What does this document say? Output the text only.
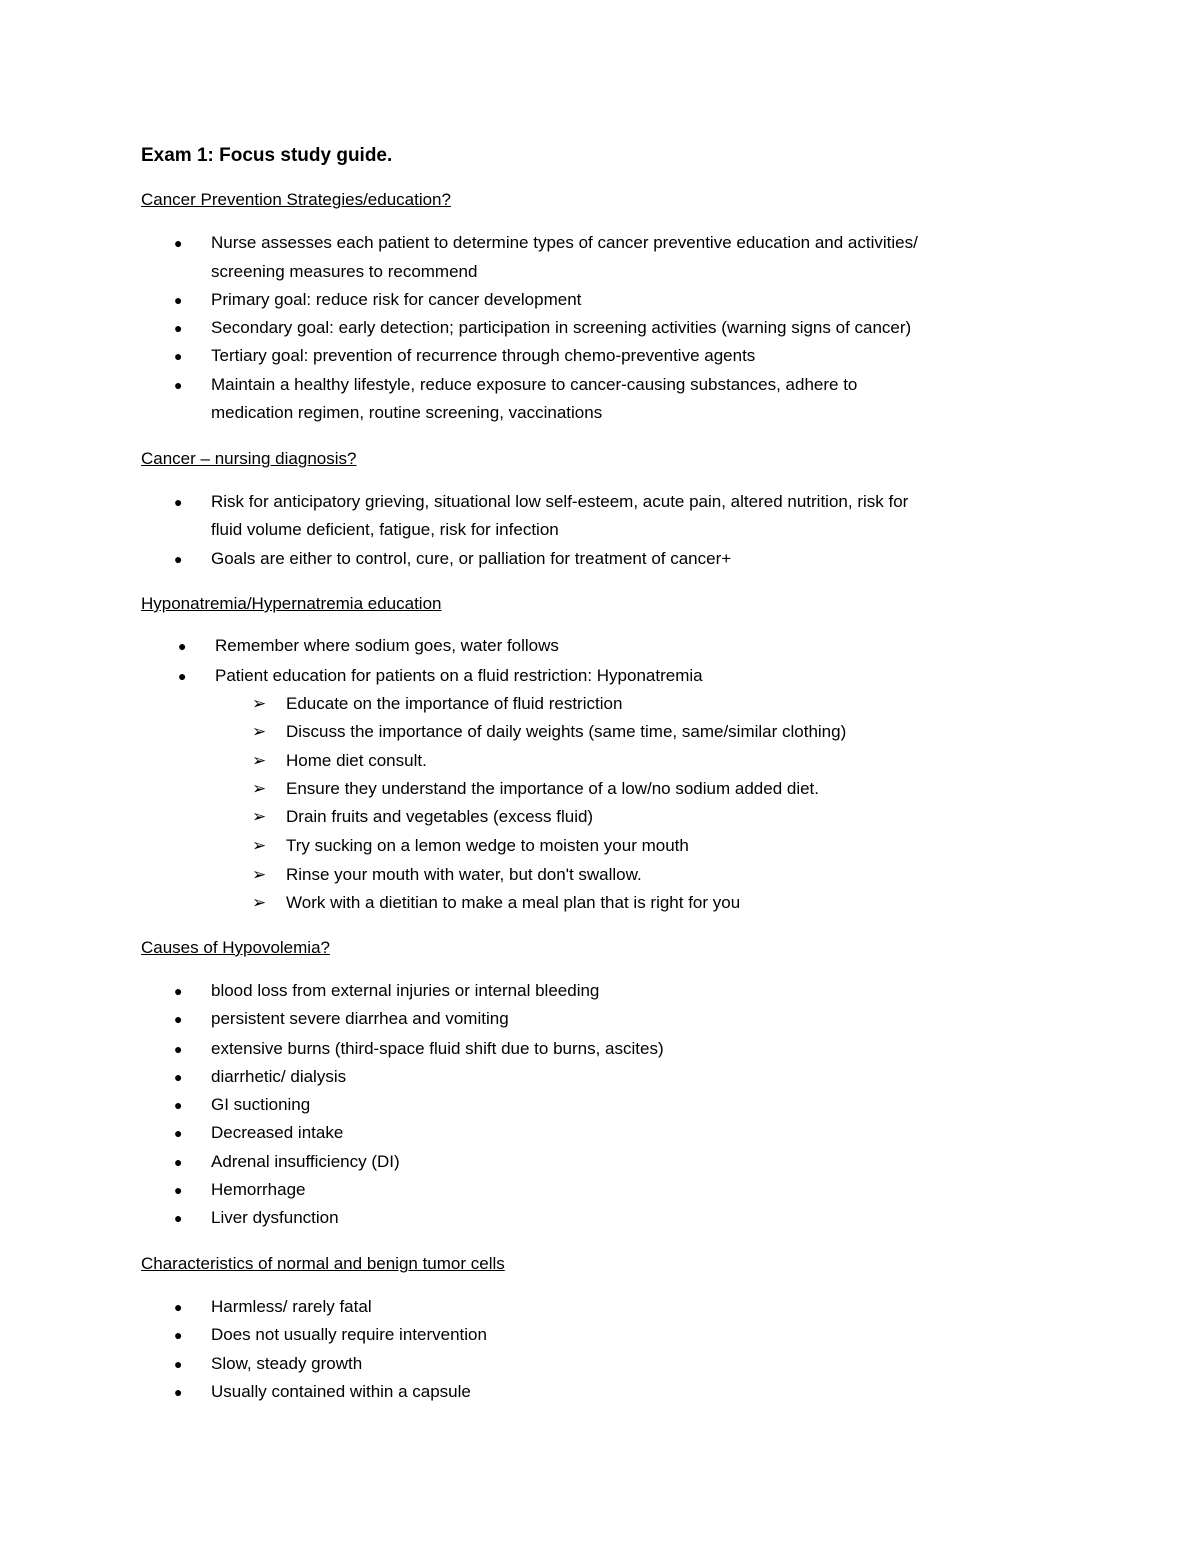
Exam 1: Focus study guide.
Cancer Prevention Strategies/education?
● Nurse assesses each patient to determine types of cancer preventive education and activities/
screening measures to recommend
● Primary goal: reduce risk for cancer development
● Secondary goal: early detection; participation in screening activities (warning signs of cancer)
● Tertiary goal: prevention of recurrence through chemo-preventive agents
● Maintain a healthy lifestyle, reduce exposure to cancer-causing substances, adhere to
medication regimen, routine screening, vaccinations
Cancer – nursing diagnosis?
● Risk for anticipatory grieving, situational low self-esteem, acute pain, altered nutrition, risk for
fluid volume deficient, fatigue, risk for infection
● Goals are either to control, cure, or palliation for treatment of cancer+
Hyponatremia/Hypernatremia education
● Remember where sodium goes, water follows
● Patient education for patients on a fluid restriction: Hyponatremia
➢ Educate on the importance of fluid restriction
➢ Discuss the importance of daily weights (same time, same/similar clothing)
➢ Home diet consult.
➢ Ensure they understand the importance of a low/no sodium added diet.
➢ Drain fruits and vegetables (excess fluid)
➢ Try sucking on a lemon wedge to moisten your mouth
➢ Rinse your mouth with water, but don't swallow.
➢ Work with a dietitian to make a meal plan that is right for you
Causes of Hypovolemia?
● blood loss from external injuries or internal bleeding
● persistent severe diarrhea and vomiting
● extensive burns (third-space fluid shift due to burns, ascites)
● diarrhetic/ dialysis
● GI suctioning
● Decreased intake
● Adrenal insufficiency (DI)
● Hemorrhage
● Liver dysfunction
Characteristics of normal and benign tumor cells
● Harmless/ rarely fatal
● Does not usually require intervention
● Slow, steady growth
● Usually contained within a capsule
